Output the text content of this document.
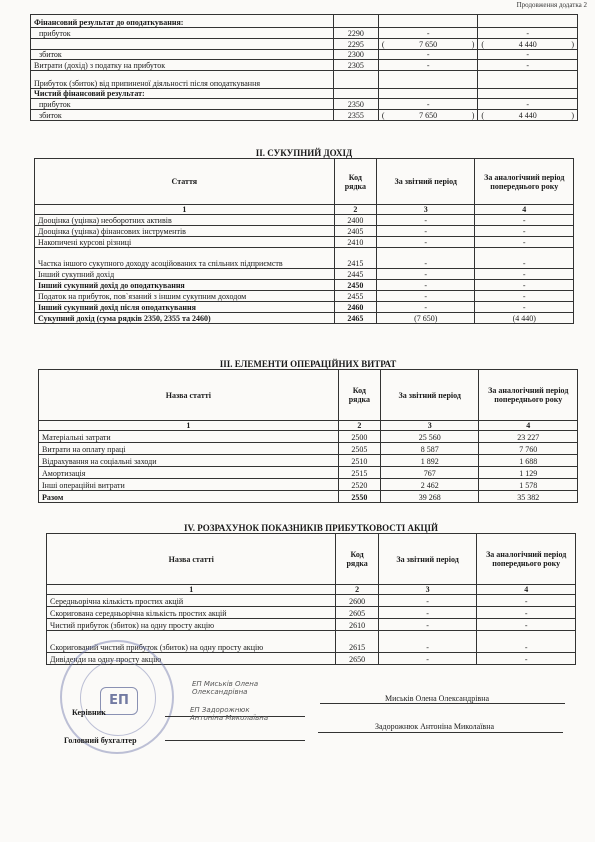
Продовження додатка 2
Фінансовий результат до оподаткування:			
прибуток	2290	-	-
	2295	( 7 650 )	( 4 440 )

збиток	2300	-	-
Витрати (дохід) з податку на прибуток	2305	-	-
Прибуток (збиток) від припиненої діяльності після оподаткування			
Чистий фінансовий результат:			
прибуток	2350	-	-
збиток	2355	( 7 650 )	( 4 440 )
II. СУКУПНИЙ ДОХІД
Стаття	Код рядка	За звітний період	За аналогічний період попереднього року
1	2	3	4
Дооцінка (уцінка) необоротних активів	2400	-	-
Дооцінка (уцінка) фінансових інструментів	2405	-	-
Накопичені курсові різниці	2410	-	-
Частка іншого сукупного доходу асоційованих та спільних підприємств	2415	-	-
Інший сукупний дохід	2445	-	-
Інший сукупний дохід до оподаткування	2450	-	-
Податок на прибуток, пов`язаний з іншим сукупним доходом	2455	-	-
Інший сукупний дохід після оподаткування	2460	-	-
Сукупний дохід (сума рядків 2350, 2355 та 2460)	2465	(7 650)	(4 440)
III. ЕЛЕМЕНТИ ОПЕРАЦІЙНИХ ВИТРАТ
Назва статті	Код рядка	За звітний період	За аналогічний період попереднього року
1	2	3	4
Матеріальні затрати	2500	25 560	23 227
Витрати на оплату праці	2505	8 587	7 760
Відрахування на соціальні заходи	2510	1 892	1 688
Амортизація	2515	767	1 129
Інші операційні витрати	2520	2 462	1 578
Разом	2550	39 268	35 382
IV. РОЗРАХУНОК ПОКАЗНИКІВ ПРИБУТКОВОСТІ АКЦІЙ
Назва статті	Код рядка	За звітний період	За аналогічний період попереднього року
1	2	3	4
Середньорічна кількість простих акцій	2600	-	-
Скоригована середньорічна кількість простих акцій	2605	-	-
Чистий прибуток (збиток) на одну просту акцію	2610	-	-
Скоригований чистий прибуток (збиток) на одну просту акцію	2615	-	-
Дивіденди на одну просту акцію	2650	-	-
ЕП
Керівник
ЕП Миськів Олена Олександрівна
Миськів Олена Олександрівна
Головний бухгалтер
ЕП Задорожнюк Антоніна Миколаївна
Задорожнюк Антоніна Миколаївна
